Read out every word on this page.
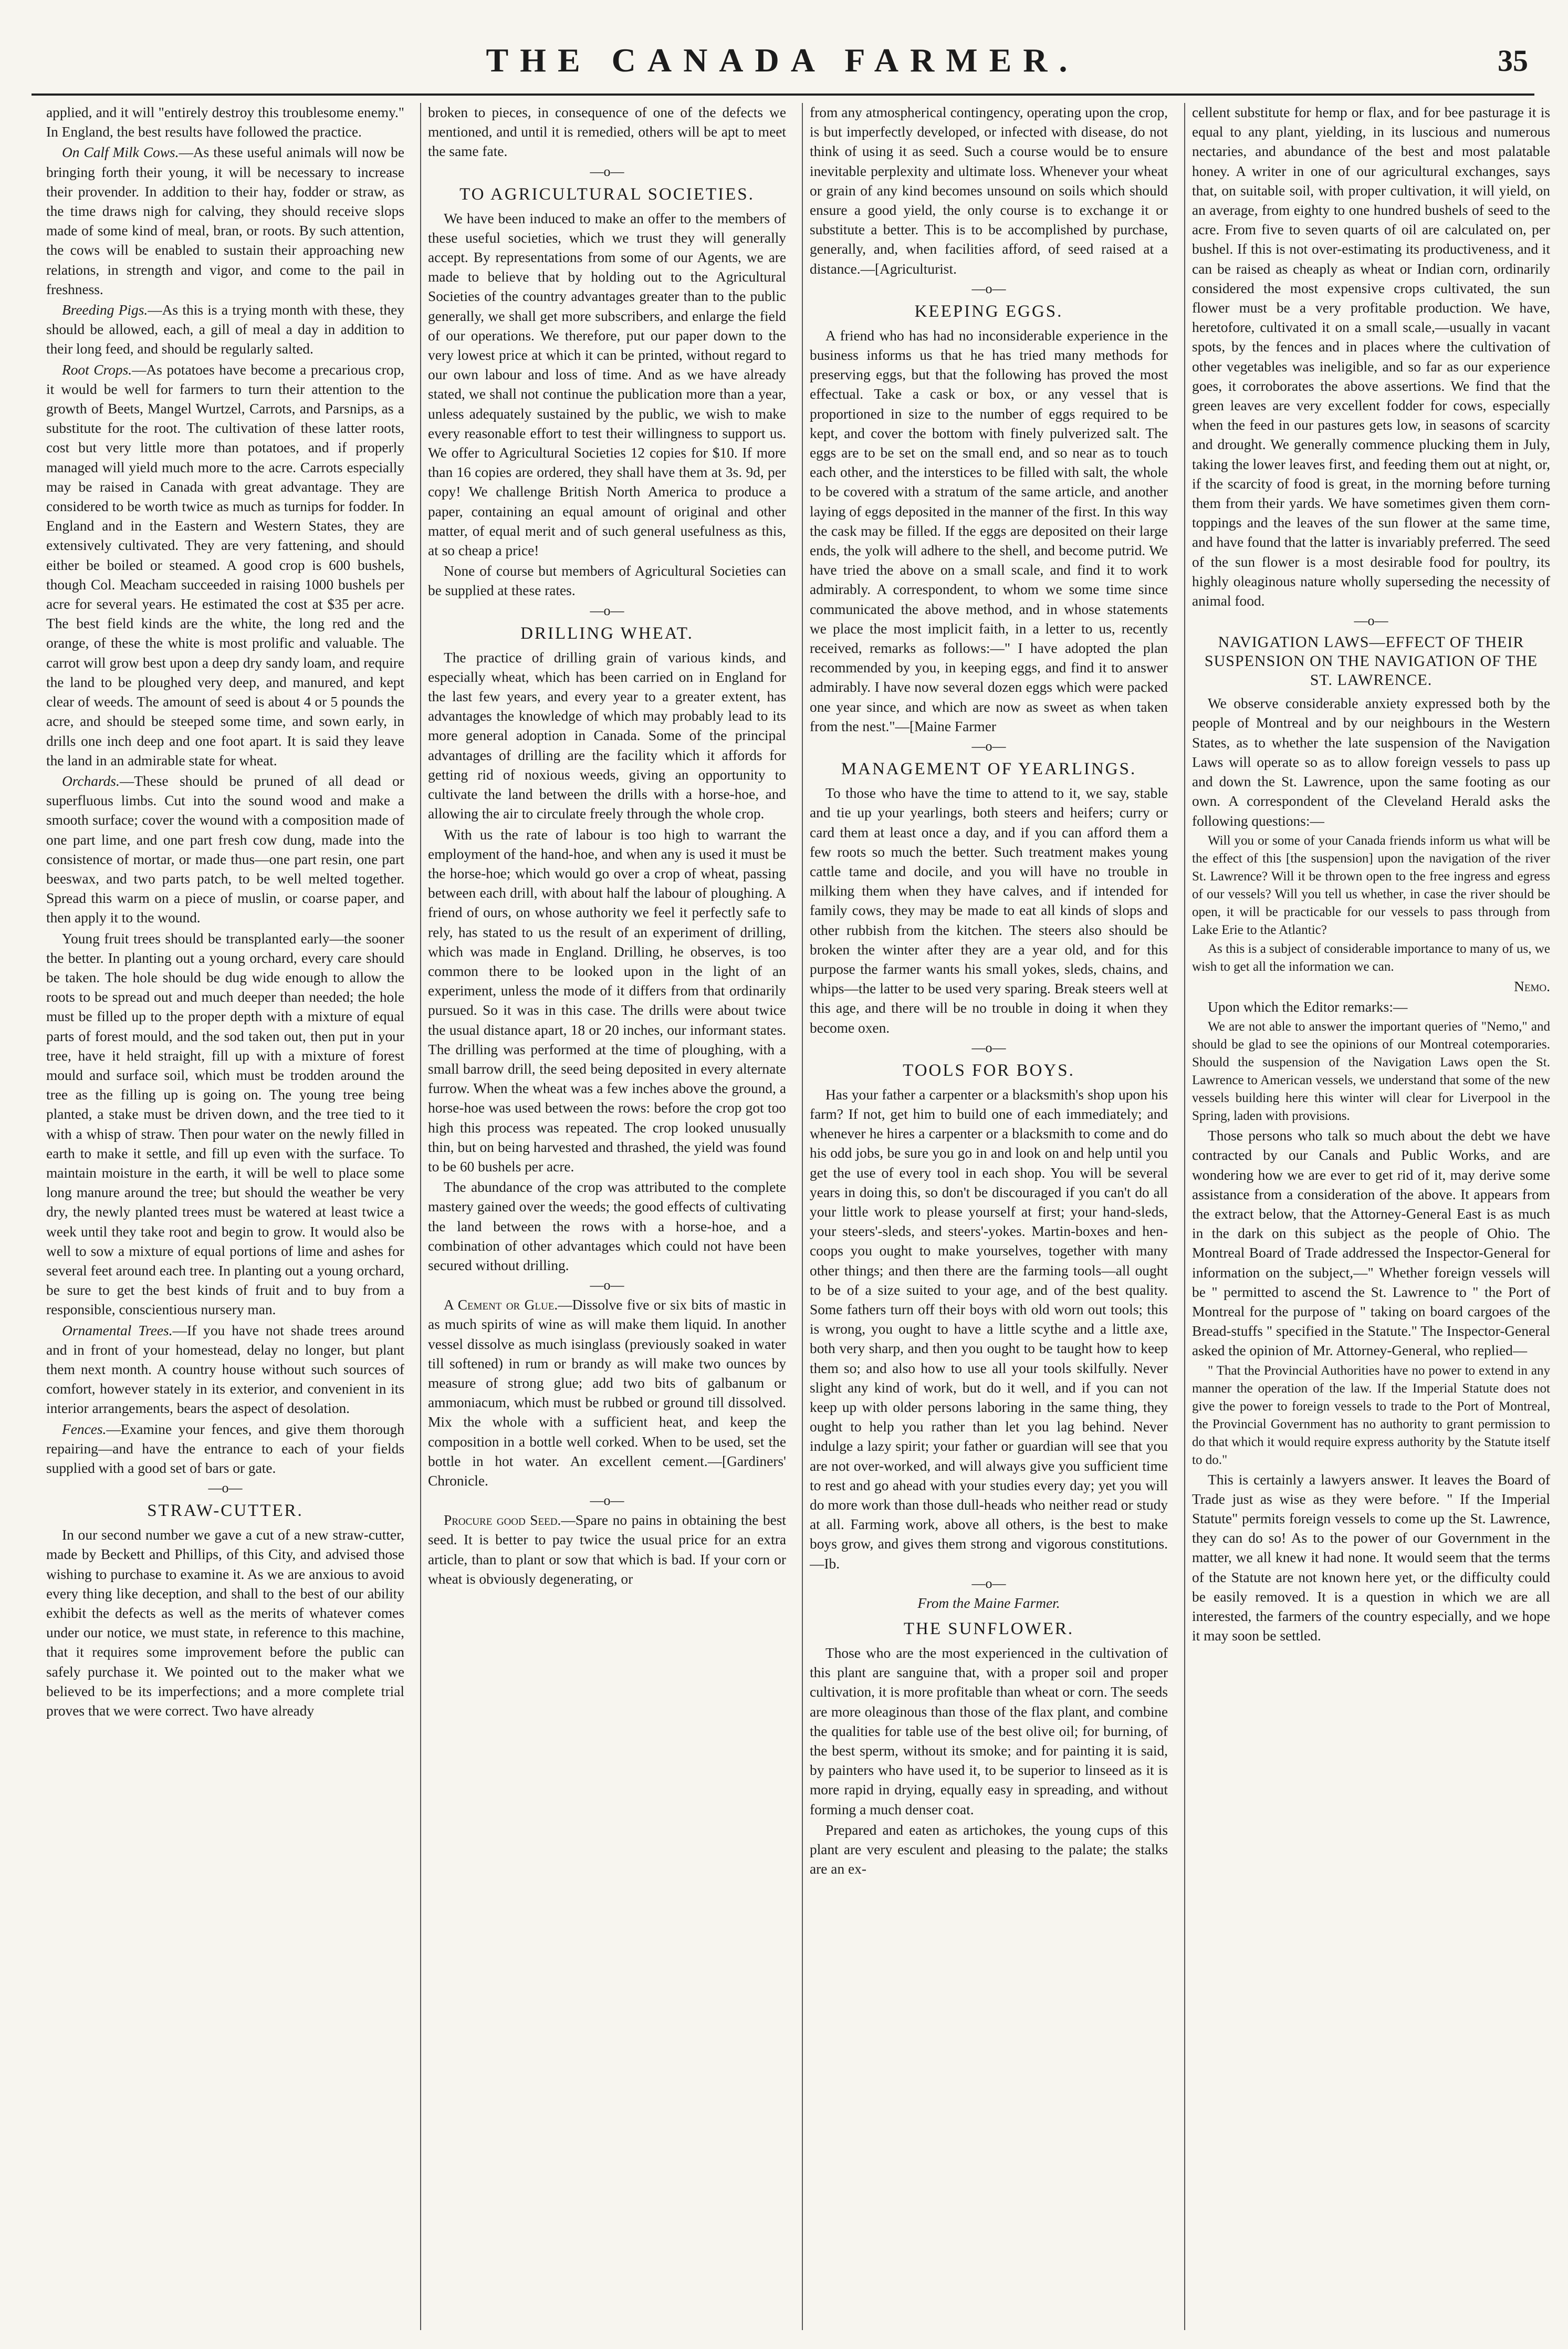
THE CANADA FARMER.	35

applied, and it will "entirely destroy this troublesome enemy." In England, the best results have followed the practice.

On Calf Milk Cows.—As these useful animals will now be bringing forth their young, it will be necessary to increase their provender. In addition to their hay, fodder or straw, as the time draws nigh for calving, they should receive slops made of some kind of meal, bran, or roots. By such attention, the cows will be enabled to sustain their approaching new relations, in strength and vigor, and come to the pail in freshness.

Breeding Pigs.—As this is a trying month with these, they should be allowed, each, a gill of meal a day in addition to their long feed, and should be regularly salted.

Root Crops.—As potatoes have become a precarious crop, it would be well for farmers to turn their attention to the growth of Beets, Mangel Wurtzel, Carrots, and Parsnips, as a substitute for the root. The cultivation of these latter roots, cost but very little more than potatoes, and if properly managed will yield much more to the acre. Carrots especially may be raised in Canada with great advantage. They are considered to be worth twice as much as turnips for fodder. In England and in the Eastern and Western States, they are extensively cultivated. They are very fattening, and should either be boiled or steamed. A good crop is 600 bushels, though Col. Meacham succeeded in raising 1000 bushels per acre for several years. He estimated the cost at $35 per acre. The best field kinds are the white, the long red and the orange, of these the white is most prolific and valuable. The carrot will grow best upon a deep dry sandy loam, and require the land to be ploughed very deep, and manured, and kept clear of weeds. The amount of seed is about 4 or 5 pounds the acre, and should be steeped some time, and sown early, in drills one inch deep and one foot apart. It is said they leave the land in an admirable state for wheat.

Orchards.—These should be pruned of all dead or superfluous limbs. Cut into the sound wood and make a smooth surface; cover the wound with a composition made of one part lime, and one part fresh cow dung, made into the consistence of mortar, or made thus—one part resin, one part beeswax, and two parts patch, to be well melted together. Spread this warm on a piece of muslin, or coarse paper, and then apply it to the wound.

Young fruit trees should be transplanted early—the sooner the better. In planting out a young orchard, every care should be taken. The hole should be dug wide enough to allow the roots to be spread out and much deeper than needed; the hole must be filled up to the proper depth with a mixture of equal parts of forest mould, and the sod taken out, then put in your tree, have it held straight, fill up with a mixture of forest mould and surface soil, which must be trodden around the tree as the filling up is going on. The young tree being planted, a stake must be driven down, and the tree tied to it with a whisp of straw. Then pour water on the newly filled in earth to make it settle, and fill up even with the surface. To maintain moisture in the earth, it will be well to place some long manure around the tree; but should the weather be very dry, the newly planted trees must be watered at least twice a week until they take root and begin to grow. It would also be well to sow a mixture of equal portions of lime and ashes for several feet around each tree. In planting out a young orchard, be sure to get the best kinds of fruit and to buy from a responsible, conscientious nursery man.

Ornamental Trees.—If you have not shade trees around and in front of your homestead, delay no longer, but plant them next month. A country house without such sources of comfort, however stately in its exterior, and convenient in its interior arrangements, bears the aspect of desolation.

Fences.—Examine your fences, and give them thorough repairing—and have the entrance to each of your fields supplied with a good set of bars or gate.

—o—
STRAW-CUTTER.

In our second number we gave a cut of a new straw-cutter, made by Beckett and Phillips, of this City, and advised those wishing to purchase to examine it. As we are anxious to avoid every thing like deception, and shall to the best of our ability exhibit the defects as well as the merits of whatever comes under our notice, we must state, in reference to this machine, that it requires some improvement before the public can safely purchase it. We pointed out to the maker what we believed to be its imperfections; and a more complete trial proves that we were correct. Two have already

broken to pieces, in consequence of one of the defects we mentioned, and until it is remedied, others will be apt to meet the same fate.

—o—
TO AGRICULTURAL SOCIETIES.

We have been induced to make an offer to the members of these useful societies, which we trust they will generally accept. By representations from some of our Agents, we are made to believe that by holding out to the Agricultural Societies of the country advantages greater than to the public generally, we shall get more subscribers, and enlarge the field of our operations. We therefore, put our paper down to the very lowest price at which it can be printed, without regard to our own labour and loss of time. And as we have already stated, we shall not continue the publication more than a year, unless adequately sustained by the public, we wish to make every reasonable effort to test their willingness to support us. We offer to Agricultural Societies 12 copies for $10. If more than 16 copies are ordered, they shall have them at 3s. 9d, per copy! We challenge British North America to produce a paper, containing an equal amount of original and other matter, of equal merit and of such general usefulness as this, at so cheap a price!

None of course but members of Agricultural Societies can be supplied at these rates.

—o—
DRILLING WHEAT.

The practice of drilling grain of various kinds, and especially wheat, which has been carried on in England for the last few years, and every year to a greater extent, has advantages the knowledge of which may probably lead to its more general adoption in Canada. Some of the principal advantages of drilling are the facility which it affords for getting rid of noxious weeds, giving an opportunity to cultivate the land between the drills with a horse-hoe, and allowing the air to circulate freely through the whole crop.

With us the rate of labour is too high to warrant the employment of the hand-hoe, and when any is used it must be the horse-hoe; which would go over a crop of wheat, passing between each drill, with about half the labour of ploughing. A friend of ours, on whose authority we feel it perfectly safe to rely, has stated to us the result of an experiment of drilling, which was made in England. Drilling, he observes, is too common there to be looked upon in the light of an experiment, unless the mode of it differs from that ordinarily pursued. So it was in this case. The drills were about twice the usual distance apart, 18 or 20 inches, our informant states. The drilling was performed at the time of ploughing, with a small barrow drill, the seed being deposited in every alternate furrow. When the wheat was a few inches above the ground, a horse-hoe was used between the rows: before the crop got too high this process was repeated. The crop looked unusually thin, but on being harvested and thrashed, the yield was found to be 60 bushels per acre.

The abundance of the crop was attributed to the complete mastery gained over the weeds; the good effects of cultivating the land between the rows with a horse-hoe, and a combination of other advantages which could not have been secured without drilling.

—o—

A Cement or Glue.—Dissolve five or six bits of mastic in as much spirits of wine as will make them liquid. In another vessel dissolve as much isinglass (previously soaked in water till softened) in rum or brandy as will make two ounces by measure of strong glue; add two bits of galbanum or ammoniacum, which must be rubbed or ground till dissolved. Mix the whole with a sufficient heat, and keep the composition in a bottle well corked. When to be used, set the bottle in hot water. An excellent cement.—[Gardiners' Chronicle.

—o—

Procure good Seed.—Spare no pains in obtaining the best seed. It is better to pay twice the usual price for an extra article, than to plant or sow that which is bad. If your corn or wheat is obviously degenerating, or

from any atmospherical contingency, operating upon the crop, is but imperfectly developed, or infected with disease, do not think of using it as seed. Such a course would be to ensure inevitable perplexity and ultimate loss. Whenever your wheat or grain of any kind becomes unsound on soils which should ensure a good yield, the only course is to exchange it or substitute a better. This is to be accomplished by purchase, generally, and, when facilities afford, of seed raised at a distance.—[Agriculturist.

—o—
KEEPING EGGS.

A friend who has had no inconsiderable experience in the business informs us that he has tried many methods for preserving eggs, but that the following has proved the most effectual. Take a cask or box, or any vessel that is proportioned in size to the number of eggs required to be kept, and cover the bottom with finely pulverized salt. The eggs are to be set on the small end, and so near as to touch each other, and the interstices to be filled with salt, the whole to be covered with a stratum of the same article, and another laying of eggs deposited in the manner of the first. In this way the cask may be filled. If the eggs are deposited on their large ends, the yolk will adhere to the shell, and become putrid. We have tried the above on a small scale, and find it to work admirably. A correspondent, to whom we some time since communicated the above method, and in whose statements we place the most implicit faith, in a letter to us, recently received, remarks as follows:—" I have adopted the plan recommended by you, in keeping eggs, and find it to answer admirably. I have now several dozen eggs which were packed one year since, and which are now as sweet as when taken from the nest."—[Maine Farmer

—o—
MANAGEMENT OF YEARLINGS.

To those who have the time to attend to it, we say, stable and tie up your yearlings, both steers and heifers; curry or card them at least once a day, and if you can afford them a few roots so much the better. Such treatment makes young cattle tame and docile, and you will have no trouble in milking them when they have calves, and if intended for family cows, they may be made to eat all kinds of slops and other rubbish from the kitchen. The steers also should be broken the winter after they are a year old, and for this purpose the farmer wants his small yokes, sleds, chains, and whips—the latter to be used very sparing. Break steers well at this age, and there will be no trouble in doing it when they become oxen.

—o—
TOOLS FOR BOYS.

Has your father a carpenter or a blacksmith's shop upon his farm? If not, get him to build one of each immediately; and whenever he hires a carpenter or a blacksmith to come and do his odd jobs, be sure you go in and look on and help until you get the use of every tool in each shop. You will be several years in doing this, so don't be discouraged if you can't do all your little work to please yourself at first; your hand-sleds, your steers'-sleds, and steers'-yokes. Martin-boxes and hen-coops you ought to make yourselves, together with many other things; and then there are the farming tools—all ought to be of a size suited to your age, and of the best quality. Some fathers turn off their boys with old worn out tools; this is wrong, you ought to have a little scythe and a little axe, both very sharp, and then you ought to be taught how to keep them so; and also how to use all your tools skilfully. Never slight any kind of work, but do it well, and if you can not keep up with older persons laboring in the same thing, they ought to help you rather than let you lag behind. Never indulge a lazy spirit; your father or guardian will see that you are not over-worked, and will always give you sufficient time to rest and go ahead with your studies every day; yet you will do more work than those dull-heads who neither read or study at all. Farming work, above all others, is the best to make boys grow, and gives them strong and vigorous constitutions.—Ib.

—o—

From the Maine Farmer.

THE SUNFLOWER.

Those who are the most experienced in the cultivation of this plant are sanguine that, with a proper soil and proper cultivation, it is more profitable than wheat or corn. The seeds are more oleaginous than those of the flax plant, and combine the qualities for table use of the best olive oil; for burning, of the best sperm, without its smoke; and for painting it is said, by painters who have used it, to be superior to linseed as it is more rapid in drying, equally easy in spreading, and without forming a much denser coat.

Prepared and eaten as artichokes, the young cups of this plant are very esculent and pleasing to the palate; the stalks are an ex-

cellent substitute for hemp or flax, and for bee pasturage it is equal to any plant, yielding, in its luscious and numerous nectaries, and abundance of the best and most palatable honey. A writer in one of our agricultural exchanges, says that, on suitable soil, with proper cultivation, it will yield, on an average, from eighty to one hundred bushels of seed to the acre. From five to seven quarts of oil are calculated on, per bushel. If this is not over-estimating its productiveness, and it can be raised as cheaply as wheat or Indian corn, ordinarily considered the most expensive crops cultivated, the sun flower must be a very profitable production. We have, heretofore, cultivated it on a small scale,—usually in vacant spots, by the fences and in places where the cultivation of other vegetables was ineligible, and so far as our experience goes, it corroborates the above assertions. We find that the green leaves are very excellent fodder for cows, especially when the feed in our pastures gets low, in seasons of scarcity and drought. We generally commence plucking them in July, taking the lower leaves first, and feeding them out at night, or, if the scarcity of food is great, in the morning before turning them from their yards. We have sometimes given them corn-toppings and the leaves of the sun flower at the same time, and have found that the latter is invariably preferred. The seed of the sun flower is a most desirable food for poultry, its highly oleaginous nature wholly superseding the necessity of animal food.

—o—
NAVIGATION LAWS—EFFECT OF THEIR SUSPENSION ON THE NAVIGATION OF THE ST. LAWRENCE.

We observe considerable anxiety expressed both by the people of Montreal and by our neighbours in the Western States, as to whether the late suspension of the Navigation Laws will operate so as to allow foreign vessels to pass up and down the St. Lawrence, upon the same footing as our own. A correspondent of the Cleveland Herald asks the following questions:—

Will you or some of your Canada friends inform us what will be the effect of this [the suspension] upon the navigation of the river St. Lawrence? Will it be thrown open to the free ingress and egress of our vessels? Will you tell us whether, in case the river should be open, it will be practicable for our vessels to pass through from Lake Erie to the Atlantic?

As this is a subject of considerable importance to many of us, we wish to get all the information we can.

Nemo.

Upon which the Editor remarks:—

We are not able to answer the important queries of "Nemo," and should be glad to see the opinions of our Montreal cotemporaries. Should the suspension of the Navigation Laws open the St. Lawrence to American vessels, we understand that some of the new vessels building here this winter will clear for Liverpool in the Spring, laden with provisions.

Those persons who talk so much about the debt we have contracted by our Canals and Public Works, and are wondering how we are ever to get rid of it, may derive some assistance from a consideration of the above. It appears from the extract below, that the Attorney-General East is as much in the dark on this subject as the people of Ohio. The Montreal Board of Trade addressed the Inspector-General for information on the subject,—" Whether foreign vessels will be " permitted to ascend the St. Lawrence to " the Port of Montreal for the purpose of " taking on board cargoes of the Bread-stuffs " specified in the Statute." The Inspector-General asked the opinion of Mr. Attorney-General, who replied—

" That the Provincial Authorities have no power to extend in any manner the operation of the law. If the Imperial Statute does not give the power to foreign vessels to trade to the Port of Montreal, the Provincial Government has no authority to grant permission to do that which it would require express authority by the Statute itself to do."

This is certainly a lawyers answer. It leaves the Board of Trade just as wise as they were before. " If the Imperial Statute" permits foreign vessels to come up the St. Lawrence, they can do so! As to the power of our Government in the matter, we all knew it had none. It would seem that the terms of the Statute are not known here yet, or the difficulty could be easily removed. It is a question in which we are all interested, the farmers of the country especially, and we hope it may soon be settled.
